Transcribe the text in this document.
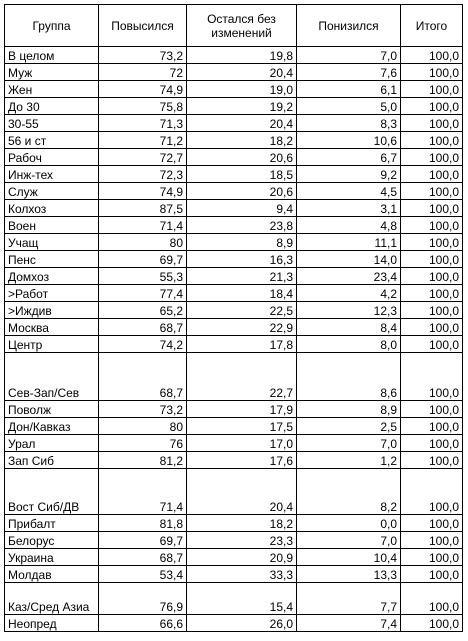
Группа	Повысился	Остался без изменений	Понизился	Итого
В целом	73,2	19,8	7,0	100,0
Муж	72	20,4	7,6	100,0
Жен	74,9	19,0	6,1	100,0
До 30	75,8	19,2	5,0	100,0
30-55	71,3	20,4	8,3	100,0
56 и ст	71,2	18,2	10,6	100,0
Рабоч	72,7	20,6	6,7	100,0
Инж-тех	72,3	18,5	9,2	100,0
Служ	74,9	20,6	4,5	100,0
Колхоз	87,5	9,4	3,1	100,0
Воен	71,4	23,8	4,8	100,0
Учащ	80	8,9	11,1	100,0
Пенс	69,7	16,3	14,0	100,0
Домхоз	55,3	21,3	23,4	100,0
>Работ	77,4	18,4	4,2	100,0
>Иждив	65,2	22,5	12,3	100,0
Москва	68,7	22,9	8,4	100,0
Центр	74,2	17,8	8,0	100,0
Сев-Зап/Сев	68,7	22,7	8,6	100,0
Поволж	73,2	17,9	8,9	100,0
Дон/Кавказ	80	17,5	2,5	100,0
Урал	76	17,0	7,0	100,0
Зап Сиб	81,2	17,6	1,2	100,0
Вост Сиб/ДВ	71,4	20,4	8,2	100,0
Прибалт	81,8	18,2	0,0	100,0
Белорус	69,7	23,3	7,0	100,0
Украина	68,7	20,9	10,4	100,0
Молдав	53,4	33,3	13,3	100,0
Каз/Сред Азиа	76,9	15,4	7,7	100,0
Неопред	66,6	26,0	7,4	100,0
